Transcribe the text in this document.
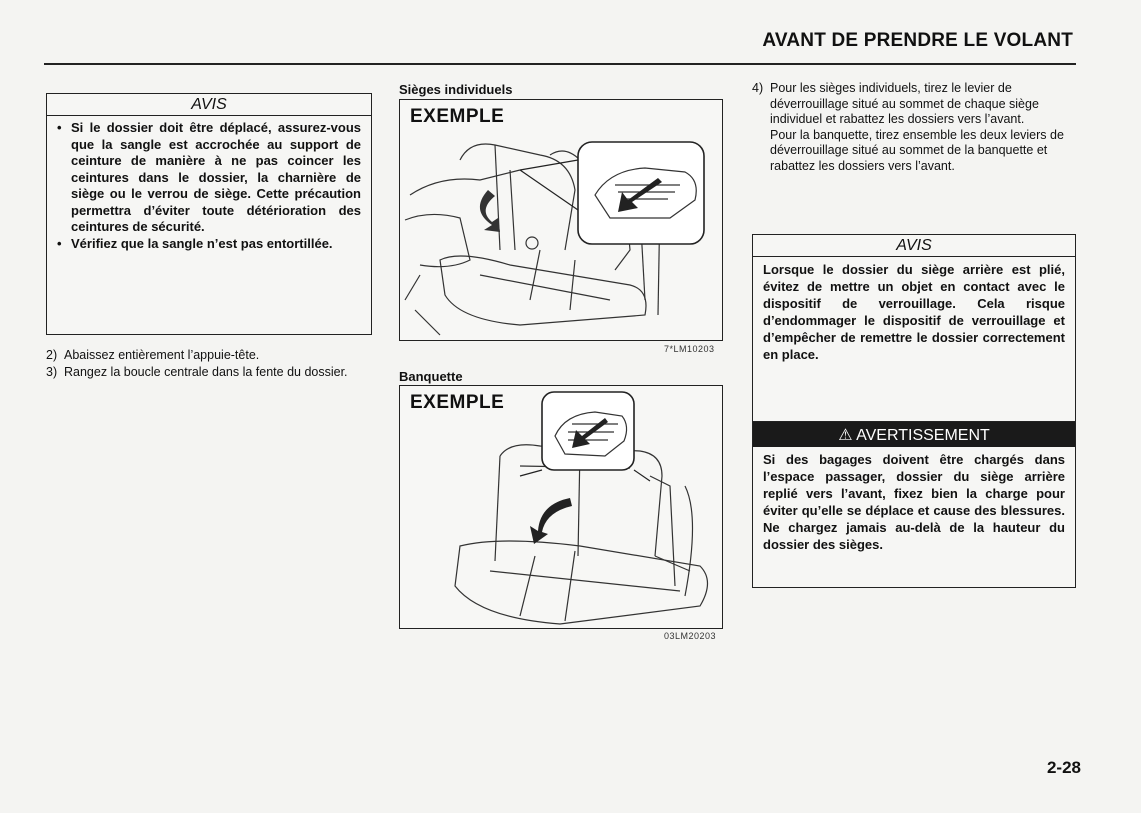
AVANT DE PRENDRE LE VOLANT
AVIS
• Si le dossier doit être déplacé, assurez-vous que la sangle est accrochée au support de ceinture de manière à ne pas coincer les ceintures dans le dossier, la charnière de siège ou le verrou de siège. Cette précaution permettra d’éviter toute détérioration des ceintures de sécurité.
• Vérifiez que la sangle n’est pas entortillée.
2) Abaissez entièrement l’appuie-tête.
3) Rangez la boucle centrale dans la fente du dossier.
Sièges individuels
EXEMPLE
7*LM10203
Banquette
EXEMPLE
03LM20203
4) Pour les sièges individuels, tirez le levier de déverrouillage situé au sommet de chaque siège individuel et rabattez les dossiers vers l’avant.
Pour la banquette, tirez ensemble les deux leviers de déverrouillage situé au sommet de la banquette et rabattez les dossiers vers l’avant.
AVIS
Lorsque le dossier du siège arrière est plié, évitez de mettre un objet en contact avec le dispositif de verrouillage. Cela risque d’endommager le dispositif de verrouillage et d’empêcher de remettre le dossier correctement en place.
⚠ AVERTISSEMENT
Si des bagages doivent être chargés dans l’espace passager, dossier du siège arrière replié vers l’avant, fixez bien la charge pour éviter qu’elle se déplace et cause des blessures. Ne chargez jamais au-delà de la hauteur du dossier des sièges.
2-28
